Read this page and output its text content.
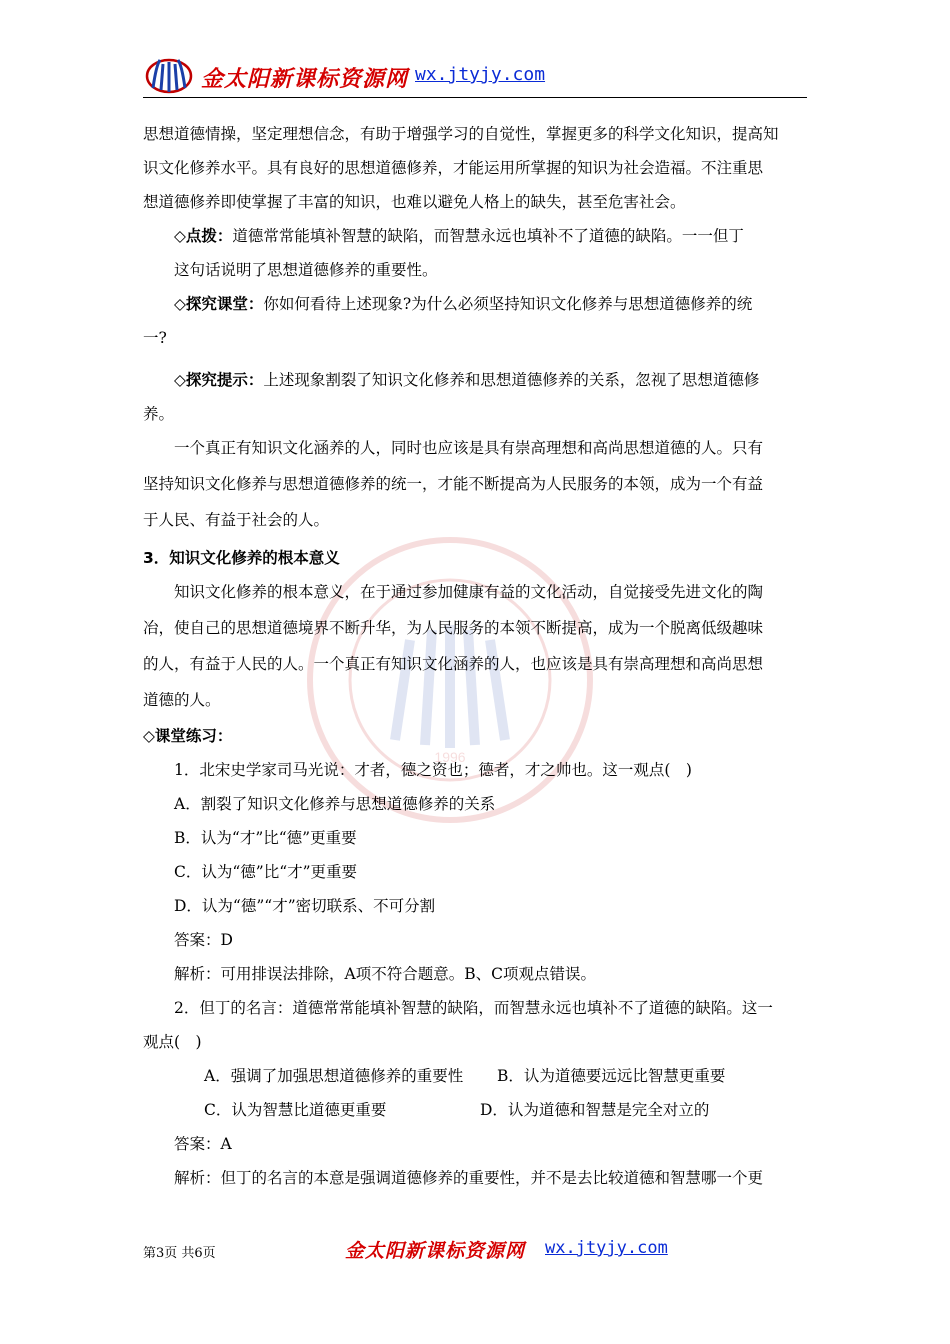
金太阳新课标资源网 wx.jtyjy.com
1996
思想道德情操，坚定理想信念，有助于增强学习的自觉性，掌握更多的科学文化知识，提高知
识文化修养水平。具有良好的思想道德修养，才能运用所掌握的知识为社会造福。不注重思
想道德修养即使掌握了丰富的知识，也难以避免人格上的缺失，甚至危害社会。
◇点拨：道德常常能填补智慧的缺陷，而智慧永远也填补不了道德的缺陷。一一但丁
这句话说明了思想道德修养的重要性。
◇探究课堂：你如何看待上述现象?为什么必须坚持知识文化修养与思想道德修养的统
一?
◇探究提示：上述现象割裂了知识文化修养和思想道德修养的关系，忽视了思想道德修
养。
一个真正有知识文化涵养的人，同时也应该是具有崇高理想和高尚思想道德的人。只有
坚持知识文化修养与思想道德修养的统一，才能不断提高为人民服务的本领，成为一个有益
于人民、有益于社会的人。
3．知识文化修养的根本意义
知识文化修养的根本意义，在于通过参加健康有益的文化活动，自觉接受先进文化的陶
冶，使自己的思想道德境界不断升华，为人民服务的本领不断提高，成为一个脱离低级趣味
的人，有益于人民的人。一个真正有知识文化涵养的人，也应该是具有崇高理想和高尚思想
道德的人。
◇课堂练习：
1．北宋史学家司马光说：才者，德之资也；德者，才之帅也。这一观点(　)
A．割裂了知识文化修养与思想道德修养的关系
B．认为“才”比“德”更重要
C．认为“德”比“才”更重要
D．认为“德”“才”密切联系、不可分割
答案：D
解析：可用排误法排除，A项不符合题意。B、C项观点错误。
2．但丁的名言：道德常常能填补智慧的缺陷，而智慧永远也填补不了道德的缺陷。这一
观点(　)
A．强调了加强思想道德修养的重要性 B．认为道德要远远比智慧更重要
C．认为智慧比道德更重要	D．认为道德和智慧是完全对立的
答案：A
解析：但丁的名言的本意是强调道德修养的重要性，并不是去比较道德和智慧哪一个更
第3页 共6页	金太阳新课标资源网 wx.jtyjy.com
